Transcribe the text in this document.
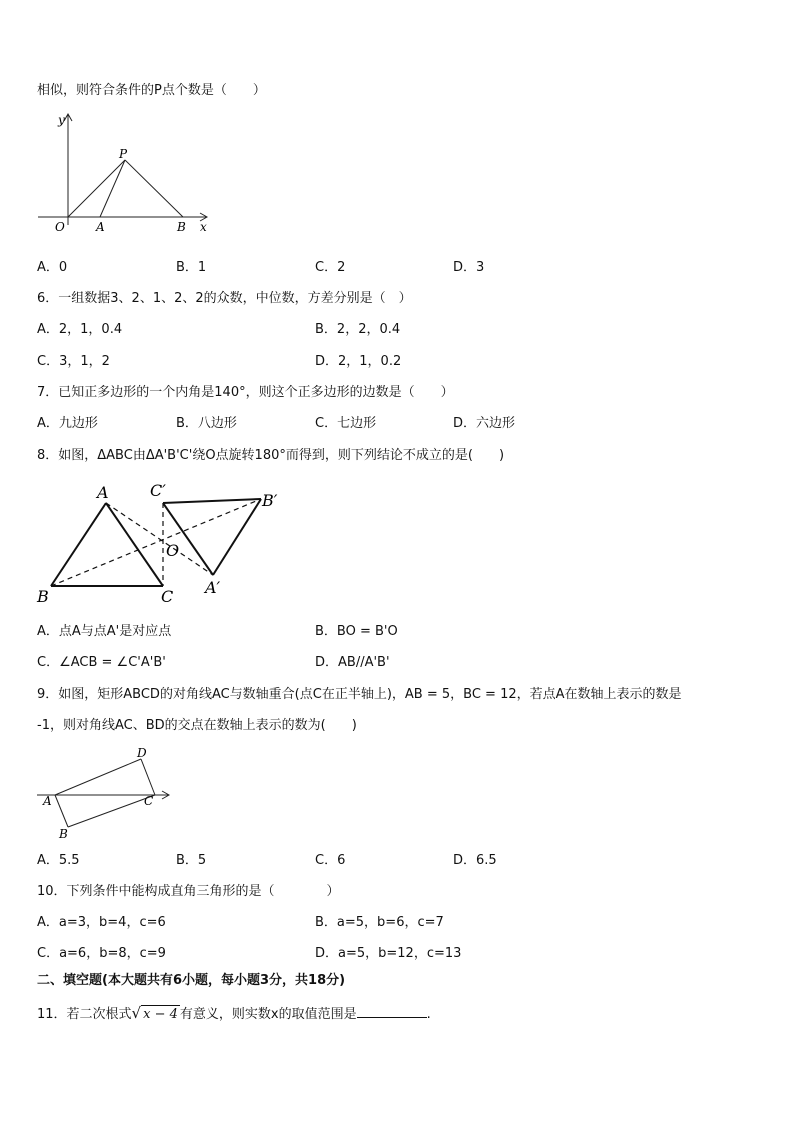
相似，则符合条件的P点个数是（　　）
y
x
O	A	B
P
A．0	B．1	C．2	D．3
6．一组数据3、2、1、2、2的众数，中位数，方差分别是（　）
A．2，1，0.4	B．2，2，0.4
C．3，1，2	D．2，1，0.2
7．已知正多边形的一个内角是140°，则这个正多边形的边数是（　　）
A．九边形	B．八边形	C．七边形	D．六边形
8．如图，ΔABC由ΔA'B'C'绕O点旋转180°而得到，则下列结论不成立的是(　　)
A
B	C
C′
B′
A′
O
A．点A与点A'是对应点	B．BO = B'O
C．∠ACB = ∠C'A'B'	D．AB//A'B'
9．如图，矩形ABCD的对角线AC与数轴重合(点C在正半轴上)，AB = 5，BC = 12，若点A在数轴上表示的数是
-1，则对角线AC、BD的交点在数轴上表示的数为(　　)
A
B
C
D
A．5.5	B．5	C．6	D．6.5
10．下列条件中能构成直角三角形的是（　　　　）
A．a=3，b=4，c=6	B．a=5，b=6，c=7
C．a=6，b=8，c=9	D．a=5，b=12，c=13
二、填空题(本大题共有6小题，每小题3分，共18分)
11．若二次根式√ x − 4 有意义，则实数x的取值范围是	.
